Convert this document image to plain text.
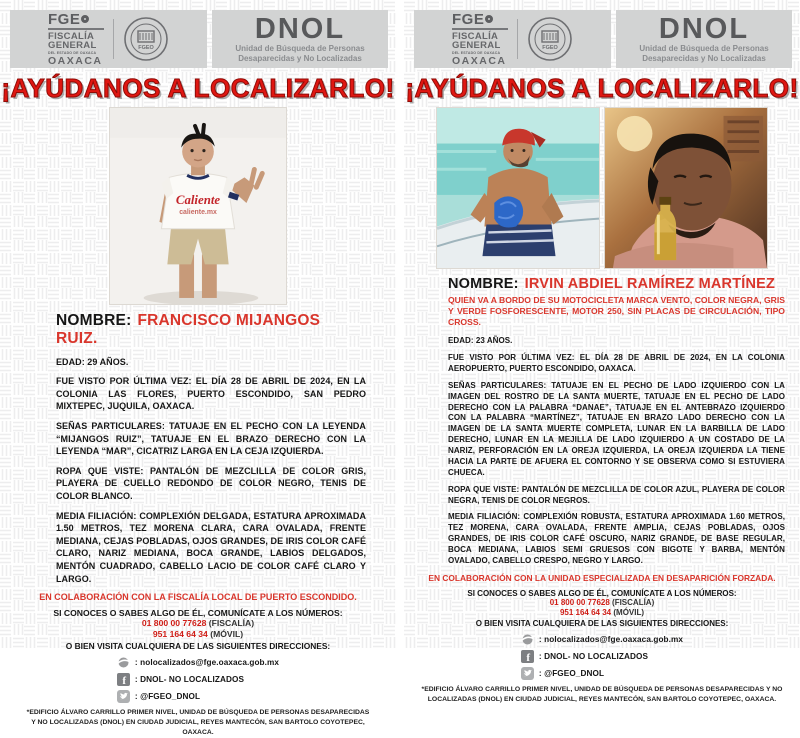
FGE
FISCALÍA
GENERAL
DEL ESTADO DE OAXACA
OAXACA
FGEO
DNOL
Unidad de Búsqueda de Personas
Desaparecidas y No Localizadas
¡AYÚDANOS A LOCALIZARLO!
Caliente
caliente.mx
NOMBRE: FRANCISCO MIJANGOS RUIZ.

EDAD: 29 AÑOS.

FUE VISTO POR ÚLTIMA VEZ: EL DÍA 28 DE ABRIL DE 2024, EN LA COLONIA LAS FLORES, PUERTO ESCONDIDO, SAN PEDRO MIXTEPEC, JUQUILA, OAXACA.

SEÑAS PARTICULARES: TATUAJE EN EL PECHO CON LA LEYENDA “MIJANGOS RUIZ”, TATUAJE EN EL BRAZO DERECHO CON LA LEYENDA “MAR”, CICATRIZ LARGA EN LA CEJA IZQUIERDA.

ROPA QUE VISTE: PANTALÓN DE MEZCLILLA DE COLOR GRIS, PLAYERA DE CUELLO REDONDO DE COLOR NEGRO, TENIS DE COLOR BLANCO.

MEDIA FILIACIÓN: COMPLEXIÓN DELGADA, ESTATURA APROXIMADA 1.50 METROS, TEZ MORENA CLARA, CARA OVALADA, FRENTE MEDIANA, CEJAS POBLADAS, OJOS GRANDES, DE IRIS COLOR CAFÉ CLARO, NARIZ MEDIANA, BOCA GRANDE, LABIOS DELGADOS, MENTÓN CUADRADO, CABELLO LACIO DE COLOR CAFÉ CLARO Y LARGO.

EN COLABORACIÓN CON LA FISCALÍA LOCAL DE PUERTO ESCONDIDO.
SI CONOCES O SABES ALGO DE ÉL, COMUNÍCATE A LOS NÚMEROS:
01 800 00 77628 (FISCALÍA)
951 164 64 34 (MÓVIL)
O BIEN VISITA CUALQUIERA DE LAS SIGUIENTES DIRECCIONES:
: nolocalizados@fge.oaxaca.gob.mx
f : DNOL- NO LOCALIZADOS
: @FGEO_DNOL
*EDIFICIO ÁLVARO CARRILLO PRIMER NIVEL, UNIDAD DE BÚSQUEDA DE PERSONAS DESAPARECIDAS Y NO LOCALIZADAS (DNOL) EN CIUDAD JUDICIAL, REYES MANTECÓN, SAN BARTOLO COYOTEPEC, OAXACA.
FGE
FISCALÍA
GENERAL
DEL ESTADO DE OAXACA
OAXACA
FGEO
DNOL
Unidad de Búsqueda de Personas
Desaparecidas y No Localizadas
¡AYÚDANOS A LOCALIZARLO!
NOMBRE: IRVIN ABDIEL RAMÍREZ MARTÍNEZ
QUIEN VA A BORDO DE SU MOTOCICLETA MARCA VENTO, COLOR NEGRA, GRIS Y VERDE FOSFORESCENTE, MOTOR 250, SIN PLACAS DE CIRCULACIÓN, TIPO CROSS.

EDAD: 23 AÑOS.

FUE VISTO POR ÚLTIMA VEZ: EL DÍA 28 DE ABRIL DE 2024, EN LA COLONIA AEROPUERTO, PUERTO ESCONDIDO, OAXACA.

SEÑAS PARTICULARES: TATUAJE EN EL PECHO DE LADO IZQUIERDO CON LA IMAGEN DEL ROSTRO DE LA SANTA MUERTE, TATUAJE EN EL PECHO DE LADO DERECHO CON LA PALABRA “DANAE”, TATUAJE EN EL ANTEBRAZO IZQUIERDO CON LA PALABRA “MARTÍNEZ”, TATUAJE EN BRAZO LADO DERECHO CON LA IMAGEN DE LA SANTA MUERTE COMPLETA, LUNAR EN LA BARBILLA DE LADO DERECHO, LUNAR EN LA MEJILLA DE LADO IZQUIERDO A UN COSTADO DE LA NARIZ, PERFORACIÓN EN LA OREJA IZQUIERDA, LA OREJA IZQUIERDA LA TIENE HACIA LA PARTE DE AFUERA EL CONTORNO Y SE OBSERVA COMO SI ESTUVIERA CHUECA.

ROPA QUE VISTE: PANTALÓN DE MEZCLILLA DE COLOR AZUL, PLAYERA DE COLOR NEGRA, TENIS DE COLOR NEGROS.

MEDIA FILIACIÓN: COMPLEXIÓN ROBUSTA, ESTATURA APROXIMADA 1.60 METROS, TEZ MORENA, CARA OVALADA, FRENTE AMPLIA, CEJAS POBLADAS, OJOS GRANDES, DE IRIS COLOR CAFÉ OSCURO, NARIZ GRANDE, DE BASE REGULAR, BOCA MEDIANA, LABIOS SEMI GRUESOS CON BIGOTE Y BARBA, MENTÓN OVALADO, CABELLO CRESPO, NEGRO Y LARGO.

EN COLABORACIÓN CON LA UNIDAD ESPECIALIZADA EN DESAPARICIÓN FORZADA.
SI CONOCES O SABES ALGO DE ÉL, COMUNÍCATE A LOS NÚMEROS:
01 800 00 77628 (FISCALÍA)
951 164 64 34 (MÓVIL)
O BIEN VISITA CUALQUIERA DE LAS SIGUIENTES DIRECCIONES:
: nolocalizados@fge.oaxaca.gob.mx
f : DNOL- NO LOCALIZADOS
: @FGEO_DNOL
*EDIFICIO ÁLVARO CARRILLO PRIMER NIVEL, UNIDAD DE BÚSQUEDA DE PERSONAS DESAPARECIDAS Y NO LOCALIZADAS (DNOL) EN CIUDAD JUDICIAL, REYES MANTECÓN, SAN BARTOLO COYOTEPEC, OAXACA.
